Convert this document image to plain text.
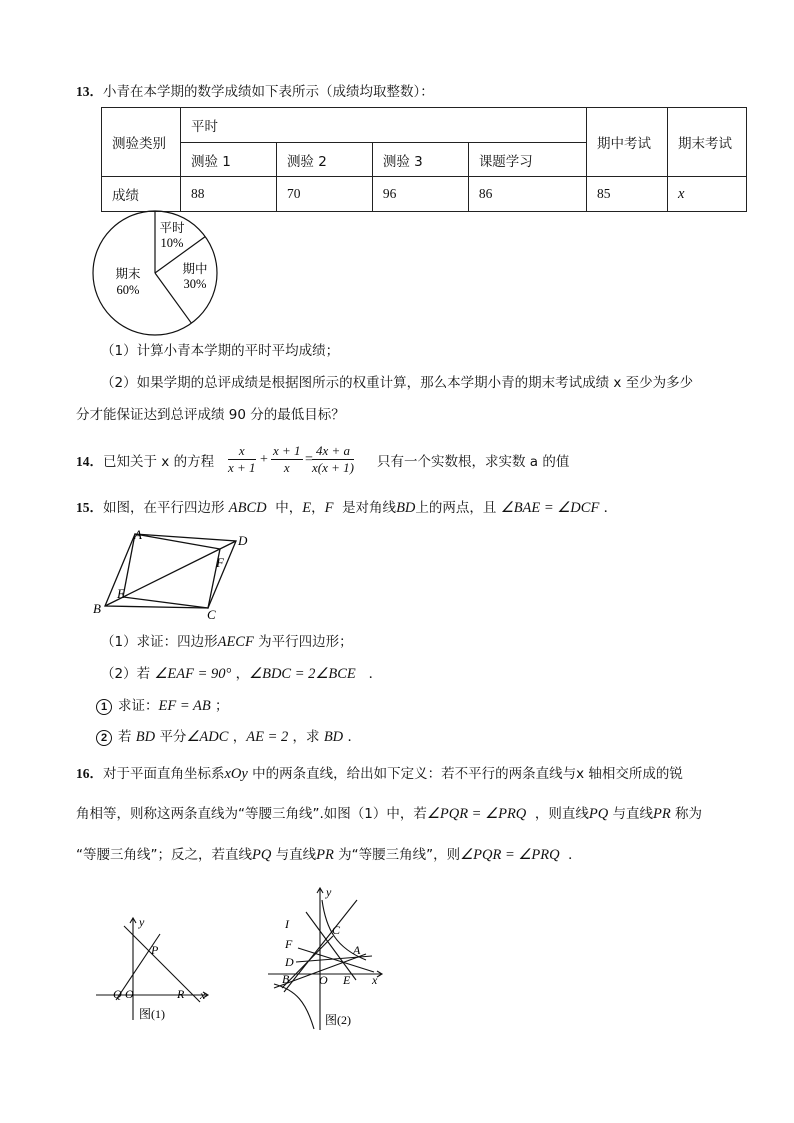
13．小青在本学期的数学成绩如下表所示（成绩均取整数）：
测验类别	平时				期中考试	期末考试
	测验 1	测验 2	测验 3	课题学习		
成绩	88	70	96	86	85	x
平时
10%
期中
30%
期末
60%
（1）计算小青本学期的平时平均成绩；
（2）如果学期的总评成绩是根据图所示的权重计算，那么本学期小青的期末考试成绩 x 至少为多少
分才能保证达到总评成绩 90 分的最低目标？
14．已知关于 x 的方程 $\frac{x}{x + 1} + \frac{x + 1}{x} = \frac{4x + a}{x(x + 1)}$ 只有一个实数根，求实数 a 的值
15．如图，在平行四边形 ABCD 中，E，F 是对角线BD上的两点，且 ∠BAE = ∠DCF ．
A	D
F
E
B	C
（1）求证：四边形AECF 为平行四边形；
（2）若 ∠EAF = 90° ，∠BDC = 2∠BCE ．
1 求证：EF = AB ；
2 若 BD 平分∠ADC ，AE = 2 ，求 BD ．
16．对于平面直角坐标系xOy 中的两条直线，给出如下定义：若不平行的两条直线与x 轴相交所成的锐
角相等，则称这两条直线为“等腰三角线”.如图（1）中，若∠PQR = ∠PRQ ，则直线PQ 与直线PR 称为
“等腰三角线”；反之，若直线PQ 与直线PR 为“等腰三角线”，则∠PQR = ∠PRQ ．
y
P
Q O	R x
图(1)
y
I
F
D
B O E x
C
A
图(2)
